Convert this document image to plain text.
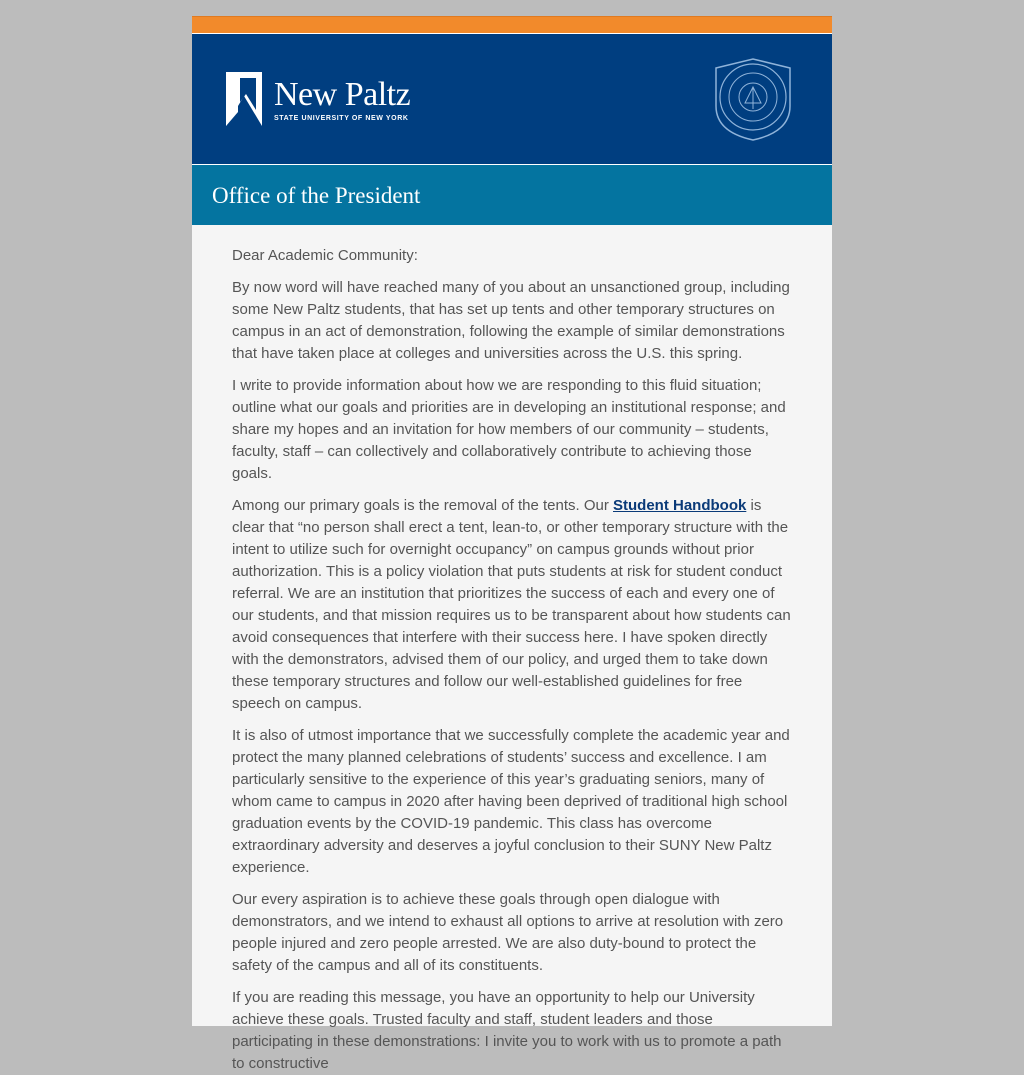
New Paltz
STATE UNIVERSITY OF NEW YORK
Office of the President

Dear Academic Community:

By now word will have reached many of you about an unsanctioned group, including some New Paltz students, that has set up tents and other temporary structures on campus in an act of demonstration, following the example of similar demonstrations that have taken place at colleges and universities across the U.S. this spring.

I write to provide information about how we are responding to this fluid situation; outline what our goals and priorities are in developing an institutional response; and share my hopes and an invitation for how members of our community – students, faculty, staff – can collectively and collaboratively contribute to achieving those goals.

Among our primary goals is the removal of the tents. Our Student Handbook is clear that “no person shall erect a tent, lean-to, or other temporary structure with the intent to utilize such for overnight occupancy” on campus grounds without prior authorization. This is a policy violation that puts students at risk for student conduct referral. We are an institution that prioritizes the success of each and every one of our students, and that mission requires us to be transparent about how students can avoid consequences that interfere with their success here. I have spoken directly with the demonstrators, advised them of our policy, and urged them to take down these temporary structures and follow our well-established guidelines for free speech on campus.

It is also of utmost importance that we successfully complete the academic year and protect the many planned celebrations of students’ success and excellence. I am particularly sensitive to the experience of this year’s graduating seniors, many of whom came to campus in 2020 after having been deprived of traditional high school graduation events by the COVID-19 pandemic. This class has overcome extraordinary adversity and deserves a joyful conclusion to their SUNY New Paltz experience.

Our every aspiration is to achieve these goals through open dialogue with demonstrators, and we intend to exhaust all options to arrive at resolution with zero people injured and zero people arrested. We are also duty-bound to protect the safety of the campus and all of its constituents.

If you are reading this message, you have an opportunity to help our University achieve these goals. Trusted faculty and staff, student leaders and those participating in these demonstrations: I invite you to work with us to promote a path to constructive
